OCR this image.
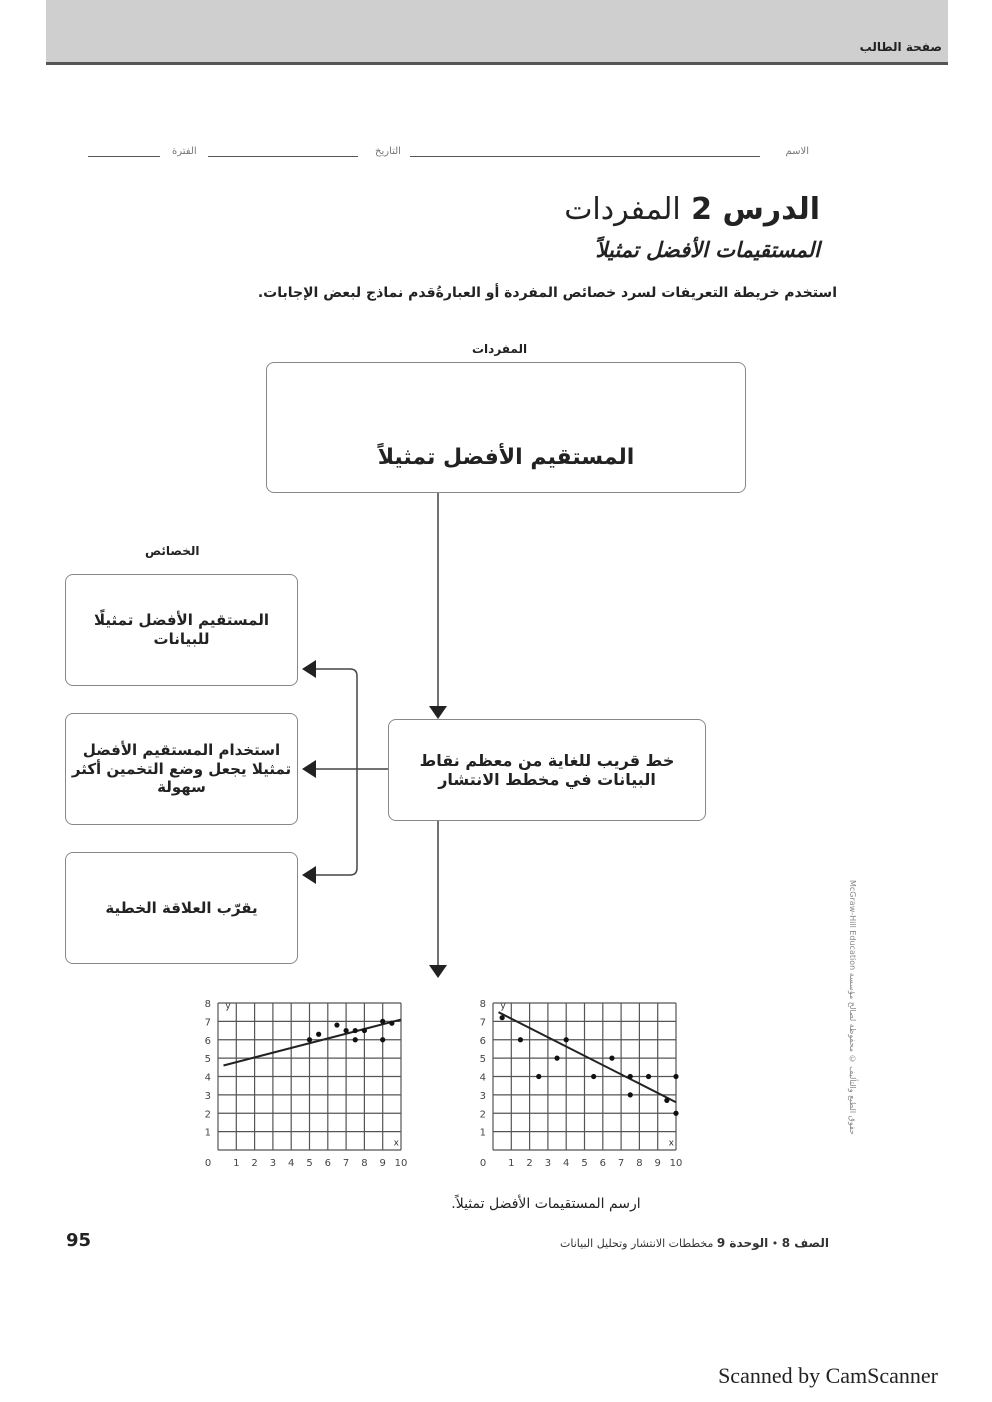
صفحة الطالب
الاسم
التاريخ
الفترة
الدرس 2 المفردات
المستقيمات الأفضل تمثيلاً
استخدم خريطة التعريفات لسرد خصائص المفردة أو العبارةُقدم نماذج لبعض الإجابات.
المفردات
المستقيم الأفضل تمثيلاً
الخصائص
المستقيم الأفضل تمثيلًا للبيانات
استخدام المستقيم الأفضل تمثيلا يجعل وضع التخمين أكثر سهولة
يقرّب العلاقة الخطية
خط قريب للغاية من معظم نقاط البيانات في مخطط الانتشار
0 1 2 3 4 5 6 7 8 9 10
1
2
3
4
5
6
7
8 y
x
0 1 2 3 4 5 6 7 8 9 10
1
2
3
4
5
6
7
8 y
x
ارسم المستقيمات الأفضل تمثيلاً.
95	الصف 8 • الوحدة 9 مخططات الانتشار وتحليل البيانات
McGraw-Hill Education حقوق الطبع والتأليف © محفوظة لصالح مؤسسة
Scanned by CamScanner
